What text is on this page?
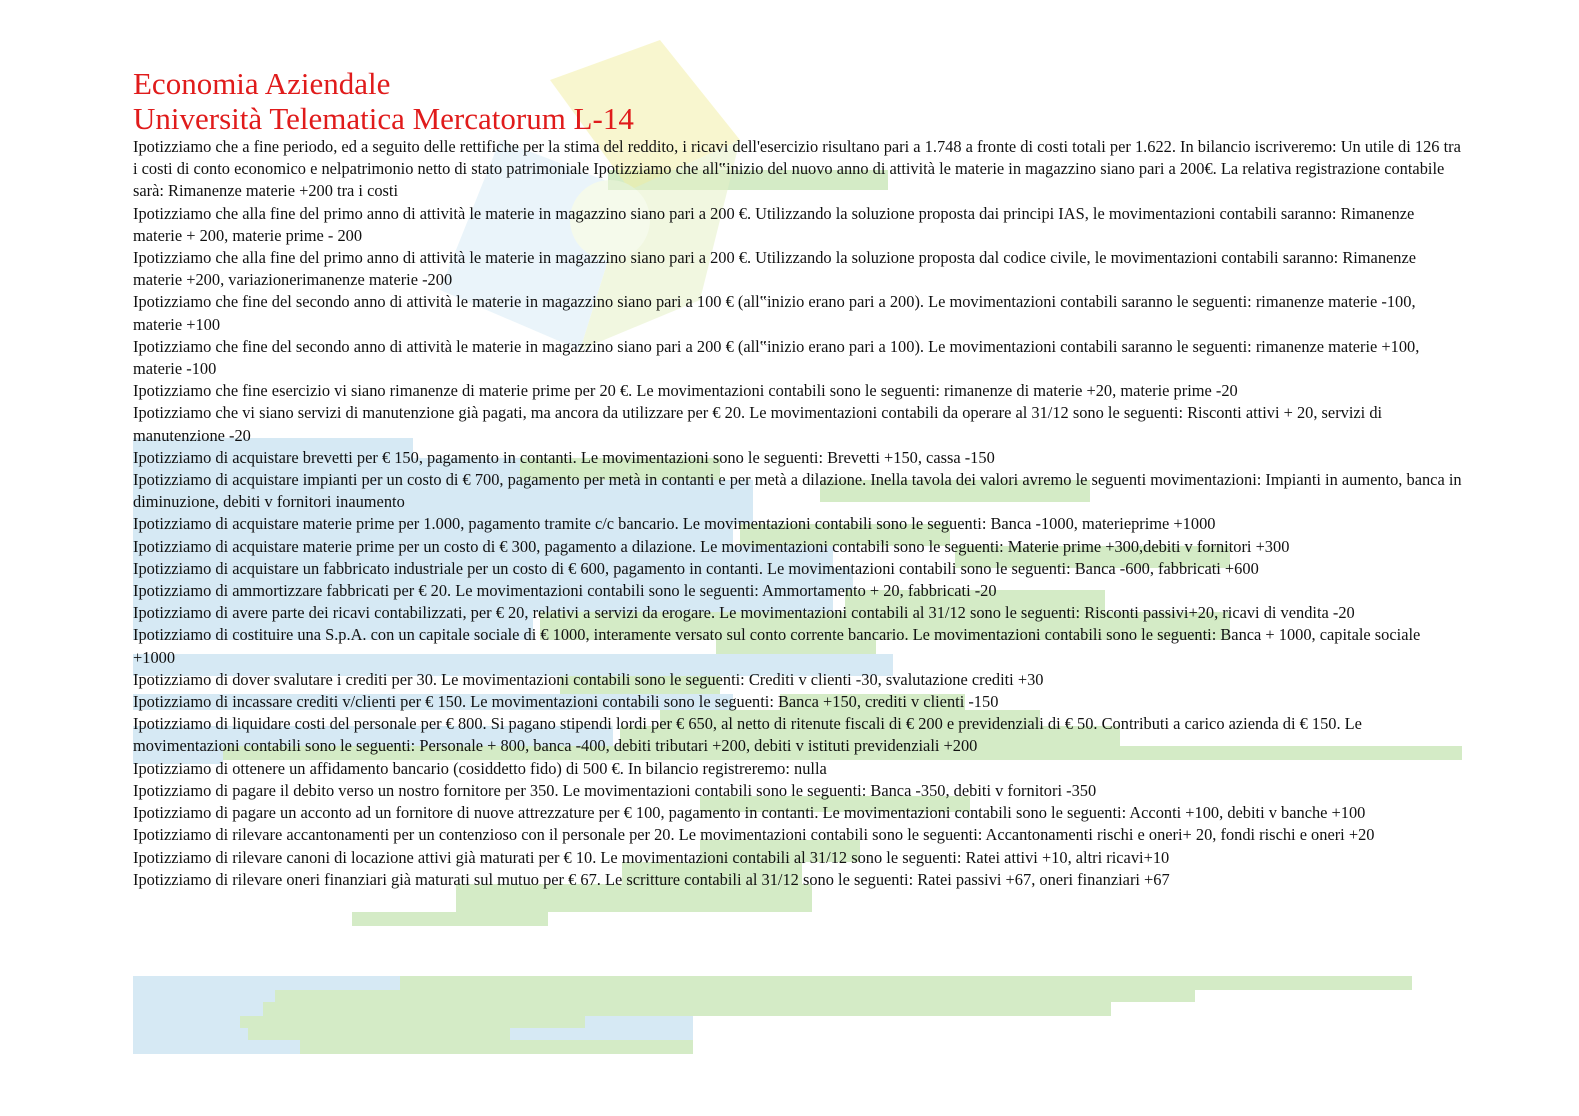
Economia Aziendale
Università Telematica Mercatorum L-14

Ipotizziamo che a fine periodo, ed a seguito delle rettifiche per la stima del reddito, i ricavi dell'esercizio risultano pari a 1.748 a fronte di costi totali per 1.622. In bilancio iscriveremo: Un utile di 126 tra i costi di conto economico e nelpatrimonio netto di stato patrimoniale Ipotizziamo che all‟inizio del nuovo anno di attività le materie in magazzino siano pari a 200€. La relativa registrazione contabile sarà: Rimanenze materie +200 tra i costi

Ipotizziamo che alla fine del primo anno di attività le materie in magazzino siano pari a 200 €. Utilizzando la soluzione proposta dai principi IAS, le movimentazioni contabili saranno: Rimanenze materie + 200, materie prime - 200

Ipotizziamo che alla fine del primo anno di attività le materie in magazzino siano pari a 200 €. Utilizzando la soluzione proposta dal codice civile, le movimentazioni contabili saranno: Rimanenze materie +200, variazionerimanenze materie -200

Ipotizziamo che fine del secondo anno di attività le materie in magazzino siano pari a 100 € (all‟inizio erano pari a 200). Le movimentazioni contabili saranno le seguenti: rimanenze materie -100, materie +100

Ipotizziamo che fine del secondo anno di attività le materie in magazzino siano pari a 200 € (all‟inizio erano pari a 100). Le movimentazioni contabili saranno le seguenti: rimanenze materie +100, materie -100

Ipotizziamo che fine esercizio vi siano rimanenze di materie prime per 20 €. Le movimentazioni contabili sono le seguenti: rimanenze di materie +20, materie prime -20

Ipotizziamo che vi siano servizi di manutenzione già pagati, ma ancora da utilizzare per € 20. Le movimentazioni contabili da operare al 31/12 sono le seguenti: Risconti attivi + 20, servizi di manutenzione -20

Ipotizziamo di acquistare brevetti per € 150, pagamento in contanti. Le movimentazioni sono le seguenti: Brevetti +150, cassa -150

Ipotizziamo di acquistare impianti per un costo di € 700, pagamento per metà in contanti e per metà a dilazione. Inella tavola dei valori avremo le seguenti movimentazioni: Impianti in aumento, banca in diminuzione, debiti v fornitori inaumento

Ipotizziamo di acquistare materie prime per 1.000, pagamento tramite c/c bancario. Le movimentazioni contabili sono le seguenti: Banca -1000, materieprime +1000

Ipotizziamo di acquistare materie prime per un costo di € 300, pagamento a dilazione. Le movimentazioni contabili sono le seguenti: Materie prime +300,debiti v fornitori +300

Ipotizziamo di acquistare un fabbricato industriale per un costo di € 600, pagamento in contanti. Le movimentazioni contabili sono le seguenti: Banca -600, fabbricati +600

Ipotizziamo di ammortizzare fabbricati per € 20. Le movimentazioni contabili sono le seguenti: Ammortamento + 20, fabbricati -20

Ipotizziamo di avere parte dei ricavi contabilizzati, per € 20, relativi a servizi da erogare. Le movimentazioni contabili al 31/12 sono le seguenti: Risconti passivi+20, ricavi di vendita -20

Ipotizziamo di costituire una S.p.A. con un capitale sociale di € 1000, interamente versato sul conto corrente bancario. Le movimentazioni contabili sono le seguenti: Banca + 1000, capitale sociale +1000

Ipotizziamo di dover svalutare i crediti per 30. Le movimentazioni contabili sono le seguenti: Crediti v clienti -30, svalutazione crediti +30

Ipotizziamo di incassare crediti v/clienti per € 150. Le movimentazioni contabili sono le seguenti: Banca +150, crediti v clienti -150

Ipotizziamo di liquidare costi del personale per € 800. Si pagano stipendi lordi per € 650, al netto di ritenute fiscali di € 200 e previdenziali di € 50. Contributi a carico azienda di € 150. Le movimentazioni contabili sono le seguenti: Personale + 800, banca -400, debiti tributari +200, debiti v istituti previdenziali +200

Ipotizziamo di ottenere un affidamento bancario (cosiddetto fido) di 500 €. In bilancio registreremo: nulla

Ipotizziamo di pagare il debito verso un nostro fornitore per 350. Le movimentazioni contabili sono le seguenti: Banca -350, debiti v fornitori -350

Ipotizziamo di pagare un acconto ad un fornitore di nuove attrezzature per € 100, pagamento in contanti. Le movimentazioni contabili sono le seguenti: Acconti +100, debiti v banche +100

Ipotizziamo di rilevare accantonamenti per un contenzioso con il personale per 20. Le movimentazioni contabili sono le seguenti: Accantonamenti rischi e oneri+ 20, fondi rischi e oneri +20

Ipotizziamo di rilevare canoni di locazione attivi già maturati per € 10. Le movimentazioni contabili al 31/12 sono le seguenti: Ratei attivi +10, altri ricavi+10

Ipotizziamo di rilevare oneri finanziari già maturati sul mutuo per € 67. Le scritture contabili al 31/12 sono le seguenti: Ratei passivi +67, oneri finanziari +67
